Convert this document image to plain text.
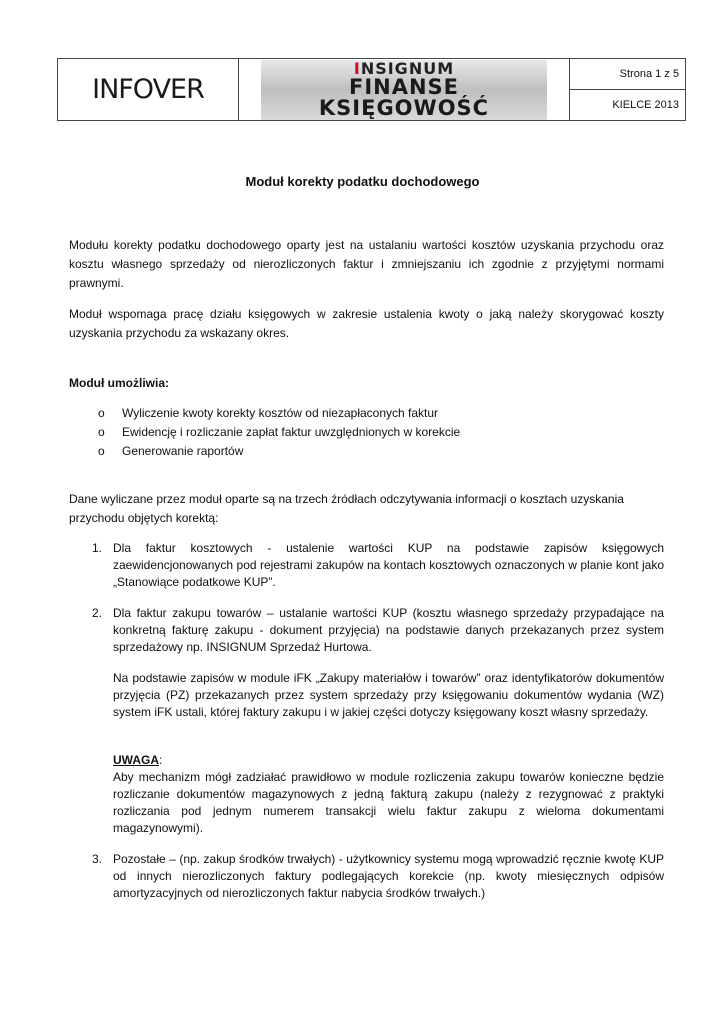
INFOVER
INSIGNUM
FINANSE
KSIĘGOWOŚĆ
Strona 1 z 5
KIELCE 2013
Moduł korekty podatku dochodowego
Modułu korekty podatku dochodowego oparty jest na ustalaniu wartości kosztów uzyskania przychodu oraz kosztu własnego sprzedaży od nierozliczonych faktur i zmniejszaniu ich zgodnie z przyjętymi normami prawnymi.
Moduł wspomaga pracę działu księgowych w zakresie ustalenia kwoty o jaką należy skorygować koszty uzyskania przychodu za wskazany okres.
Moduł umożliwia:
o	Wyliczenie kwoty korekty kosztów od niezapłaconych faktur
o	Ewidencję i rozliczanie zapłat faktur uwzględnionych w korekcie
o	Generowanie raportów
Dane wyliczane przez moduł oparte są na trzech źródłach odczytywania informacji o kosztach uzyskania przychodu objętych korektą:
1. Dla faktur kosztowych - ustalenie wartości KUP na podstawie zapisów księgowych zaewidencjonowanych pod rejestrami zakupów na kontach kosztowych oznaczonych w planie kont jako „Stanowiące podatkowe KUP”.
2. Dla faktur zakupu towarów – ustalanie wartości KUP (kosztu własnego sprzedaży przypadające na konkretną fakturę zakupu - dokument przyjęcia) na podstawie danych przekazanych przez system sprzedażowy np. INSIGNUM Sprzedaż Hurtowa.
Na podstawie zapisów w module iFK „Zakupy materiałów i towarów” oraz identyfikatorów dokumentów przyjęcia (PZ) przekazanych przez system sprzedaży przy księgowaniu dokumentów wydania (WZ) system iFK ustali, której faktury zakupu i w jakiej części dotyczy księgowany koszt własny sprzedaży.
UWAGA:
Aby mechanizm mógł zadziałać prawidłowo w module rozliczenia zakupu towarów konieczne będzie rozliczanie dokumentów magazynowych z jedną fakturą zakupu (należy z rezygnować z praktyki rozliczania pod jednym numerem transakcji wielu faktur zakupu z wieloma dokumentami magazynowymi).
3. Pozostałe – (np. zakup środków trwałych) - użytkownicy systemu mogą wprowadzić ręcznie kwotę KUP od innych nierozliczonych faktury podlegających korekcie (np. kwoty miesięcznych odpisów amortyzacyjnych od nierozliczonych faktur nabycia środków trwałych.)
